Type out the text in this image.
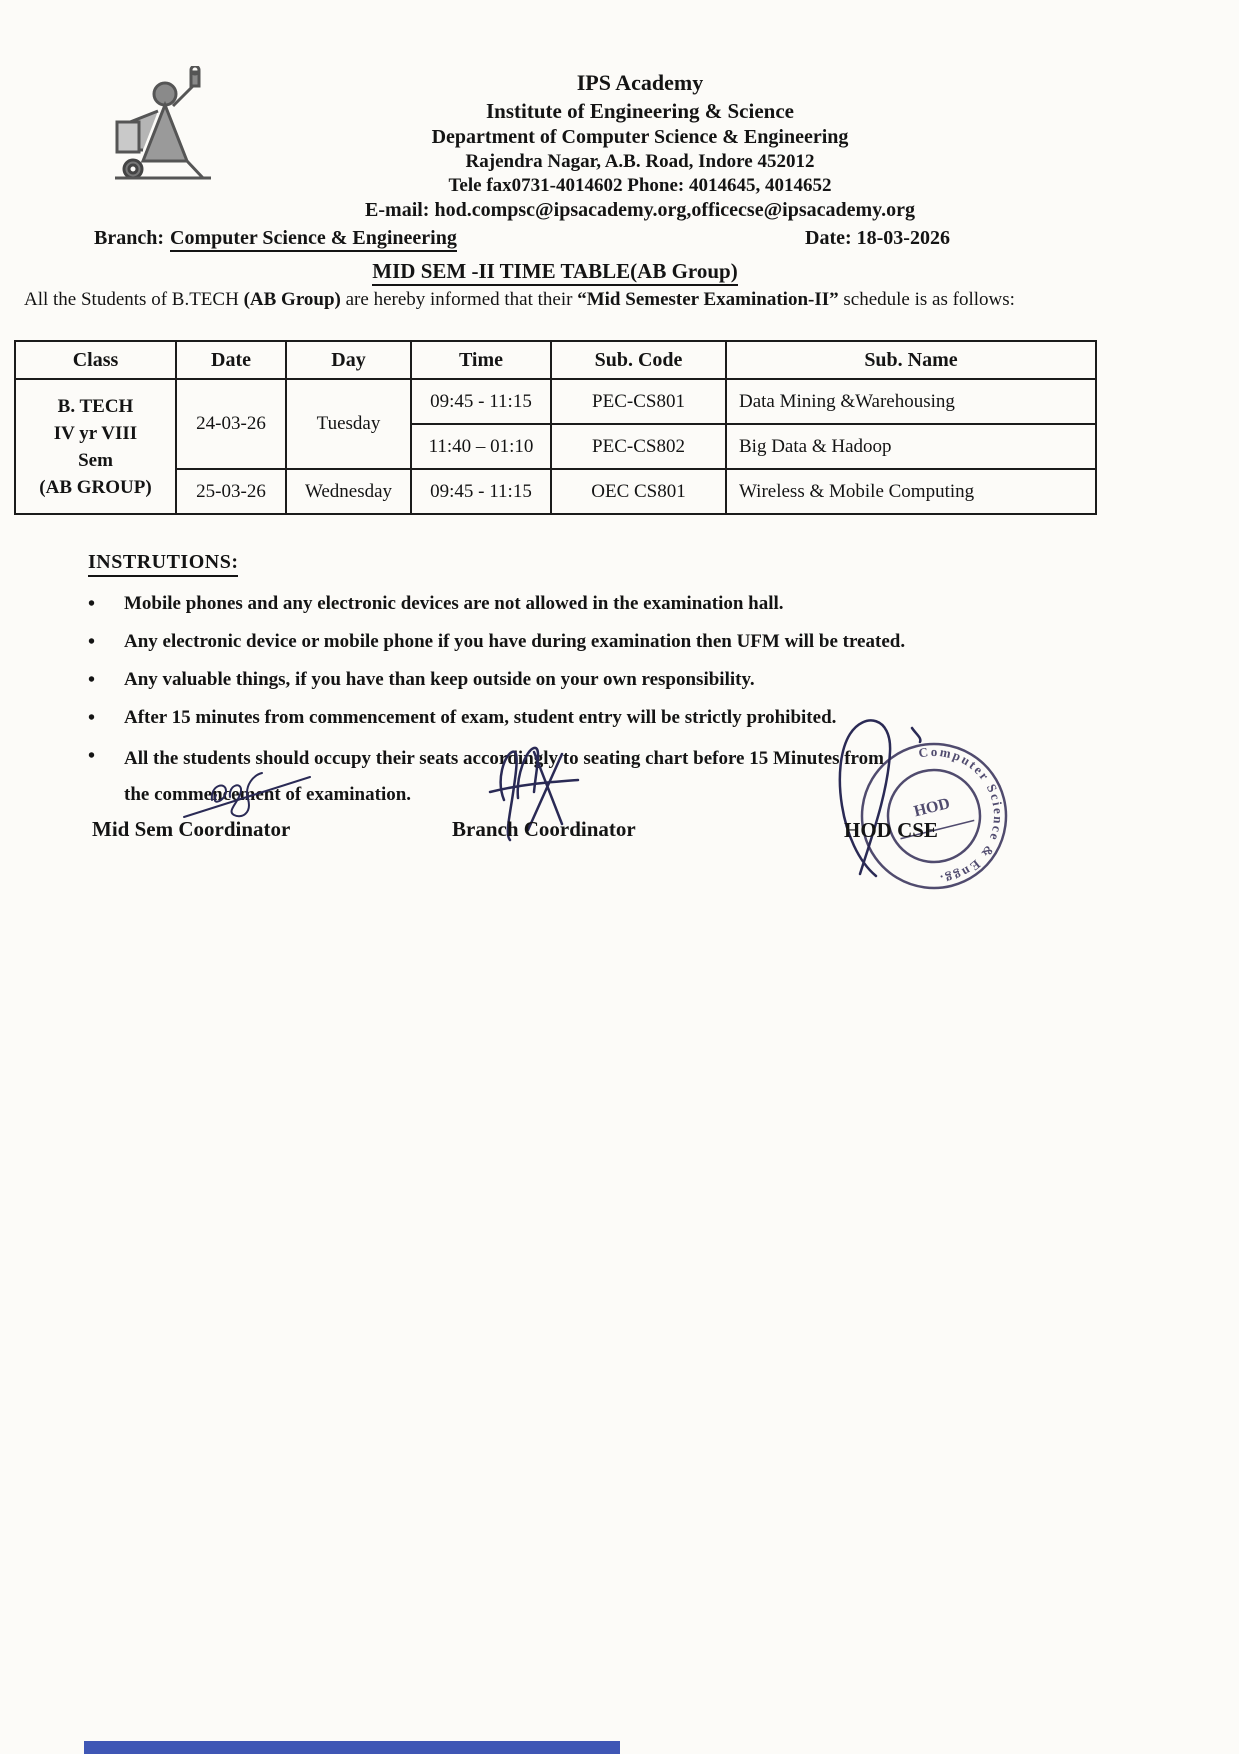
IPS Academy
Institute of Engineering & Science
Department of Computer Science & Engineering
Rajendra Nagar, A.B. Road, Indore 452012
Tele fax0731-4014602 Phone: 4014645, 4014652
E-mail: hod.compsc@ipsacademy.org,officecse@ipsacademy.org
Branch: Computer Science & Engineering	Date: 18-03-2026
MID SEM -II TIME TABLE(AB Group)

All the Students of B.TECH (AB Group) are hereby informed that their “Mid Semester Examination-II” schedule is as follows:

Class	Date	Day	Time	Sub. Code	Sub. Name

B. TECH
IV yr VIII
Sem
(AB GROUP)	24-03-26	Tuesday	09:45 - 11:15	PEC-CS801	Data Mining &Warehousing
			11:40 – 01:10	PEC-CS802	Big Data & Hadoop
	25-03-26	Wednesday	09:45 - 11:15	OEC CS801	Wireless & Mobile Computing
INSTRUTIONS:
• Mobile phones and any electronic devices are not allowed in the examination hall.
• Any electronic device or mobile phone if you have during examination then UFM will be treated.
• Any valuable things, if you have than keep outside on your own responsibility.
• After 15 minutes from commencement of exam, student entry will be strictly prohibited.
• All the students should occupy their seats accordingly to seating chart before 15 Minutes from the commencement of examination.
Mid Sem Coordinator	Branch Coordinator
Computer Science & Engg.
HOD
HOD CSE
